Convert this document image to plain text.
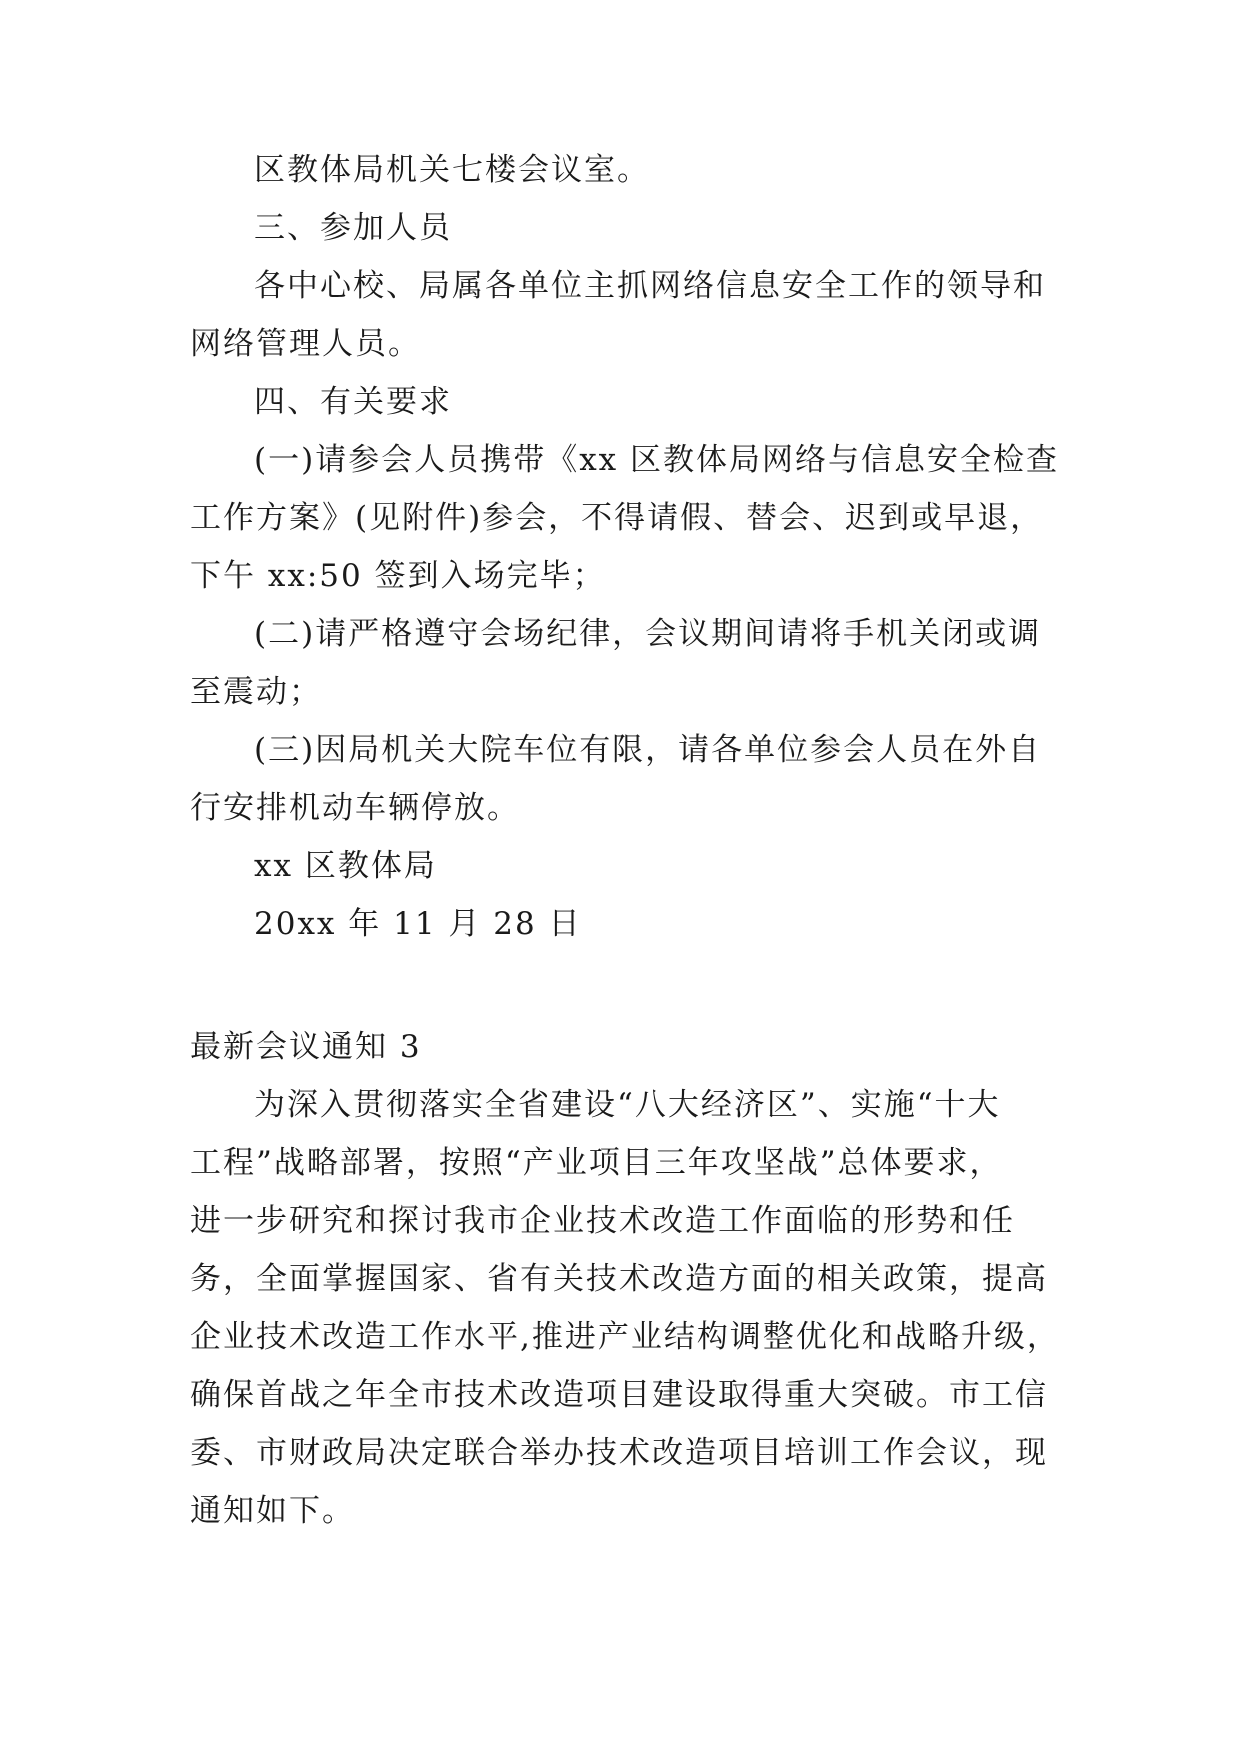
区教体局机关七楼会议室。
三、参加人员
各中心校、局属各单位主抓网络信息安全工作的领导和
网络管理人员。
四、有关要求
(一)请参会人员携带《xx 区教体局网络与信息安全检查
工作方案》(见附件)参会，不得请假、替会、迟到或早退，
下午 xx:50 签到入场完毕；
(二)请严格遵守会场纪律，会议期间请将手机关闭或调
至震动；
(三)因局机关大院车位有限，请各单位参会人员在外自
行安排机动车辆停放。
xx 区教体局
20xx 年 11 月 28 日
最新会议通知 3
为深入贯彻落实全省建设“八大经济区”、实施“十大
工程”战略部署，按照“产业项目三年攻坚战”总体要求，
进一步研究和探讨我市企业技术改造工作面临的形势和任
务，全面掌握国家、省有关技术改造方面的相关政策，提高
企业技术改造工作水平,推进产业结构调整优化和战略升级，
确保首战之年全市技术改造项目建设取得重大突破。市工信
委、市财政局决定联合举办技术改造项目培训工作会议，现
通知如下。
